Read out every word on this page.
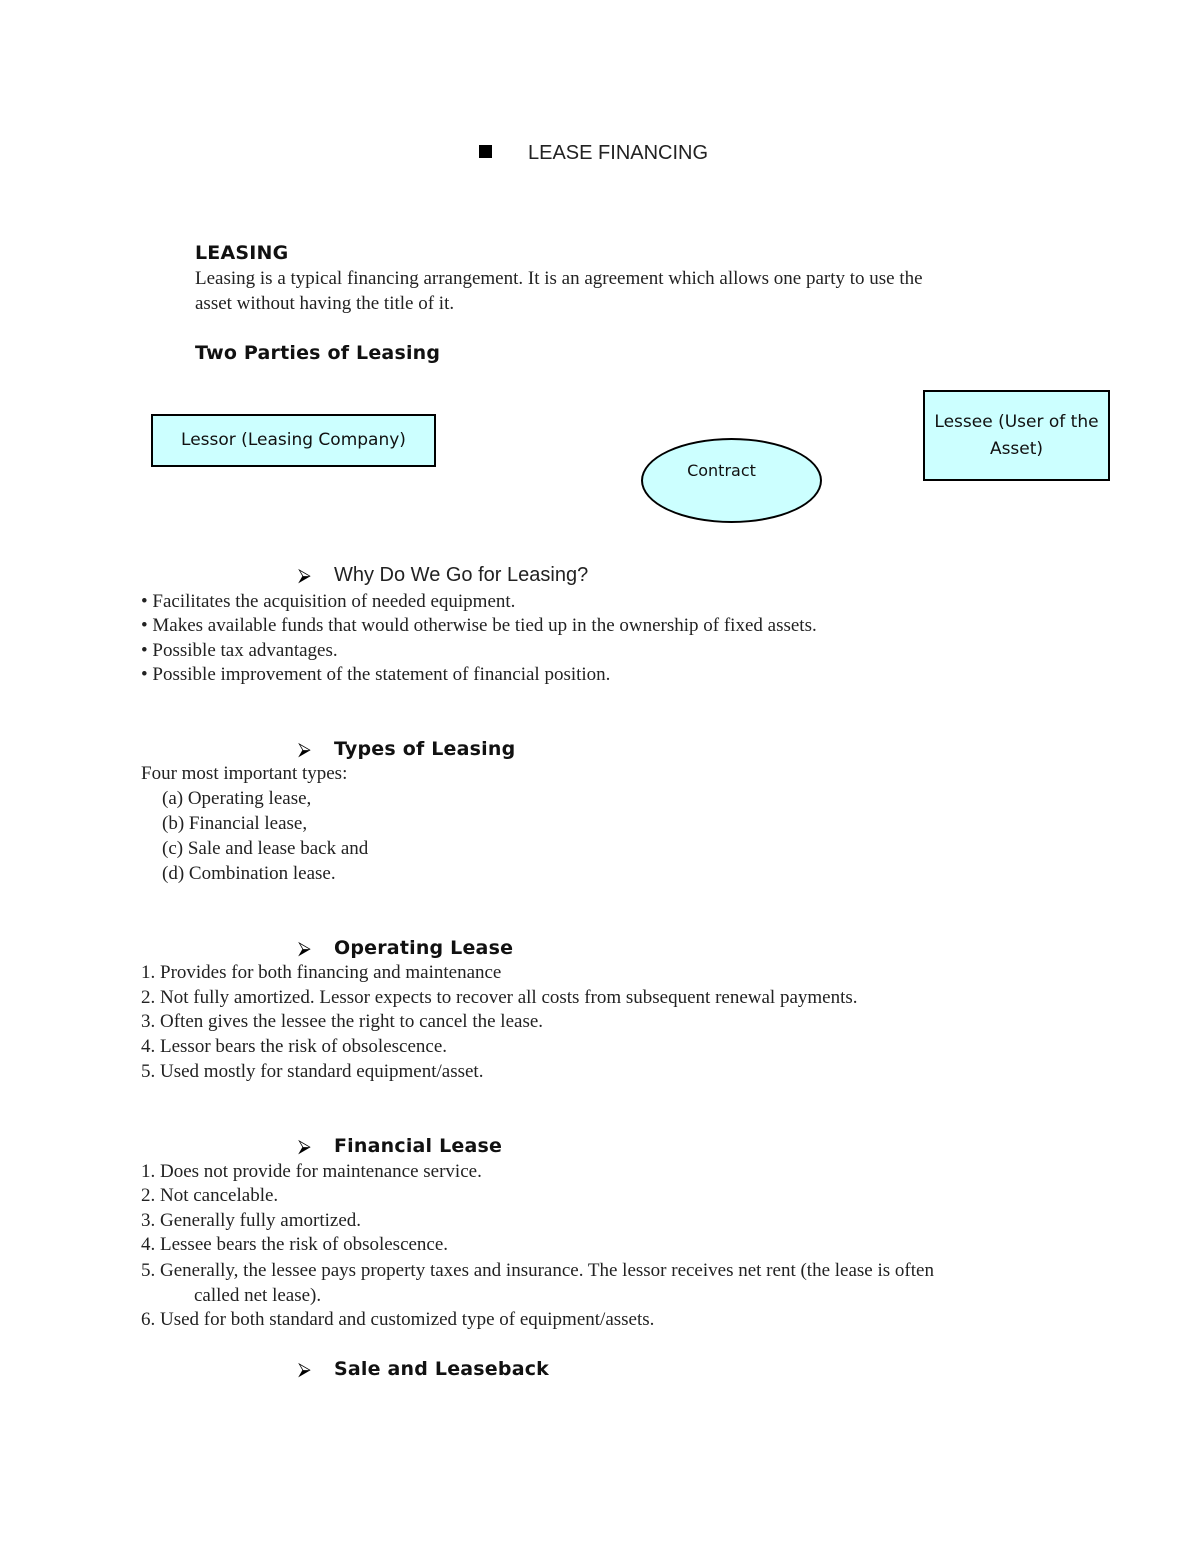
LEASE FINANCING
LEASING
Leasing is a typical financing arrangement. It is an agreement which allows one party to use the
asset without having the title of it.
Two Parties of Leasing
Lessor (Leasing Company)
Contract
Lessee (User of the Asset)
⮚ Why Do We Go for Leasing?
• Facilitates the acquisition of needed equipment.
• Makes available funds that would otherwise be tied up in the ownership of fixed assets.
• Possible tax advantages.
• Possible improvement of the statement of financial position.
⮚ Types of Leasing
Four most important types:
(a) Operating lease,
(b) Financial lease,
(c) Sale and lease back and
(d) Combination lease.
⮚ Operating Lease
1. Provides for both financing and maintenance
2. Not fully amortized. Lessor expects to recover all costs from subsequent renewal payments.
3. Often gives the lessee the right to cancel the lease.
4. Lessor bears the risk of obsolescence.
5. Used mostly for standard equipment/asset.
⮚ Financial Lease
1. Does not provide for maintenance service.
2. Not cancelable.
3. Generally fully amortized.
4. Lessee bears the risk of obsolescence.
5. Generally, the lessee pays property taxes and insurance. The lessor receives net rent (the lease is often
called net lease).
6. Used for both standard and customized type of equipment/assets.
⮚ Sale and Leaseback
